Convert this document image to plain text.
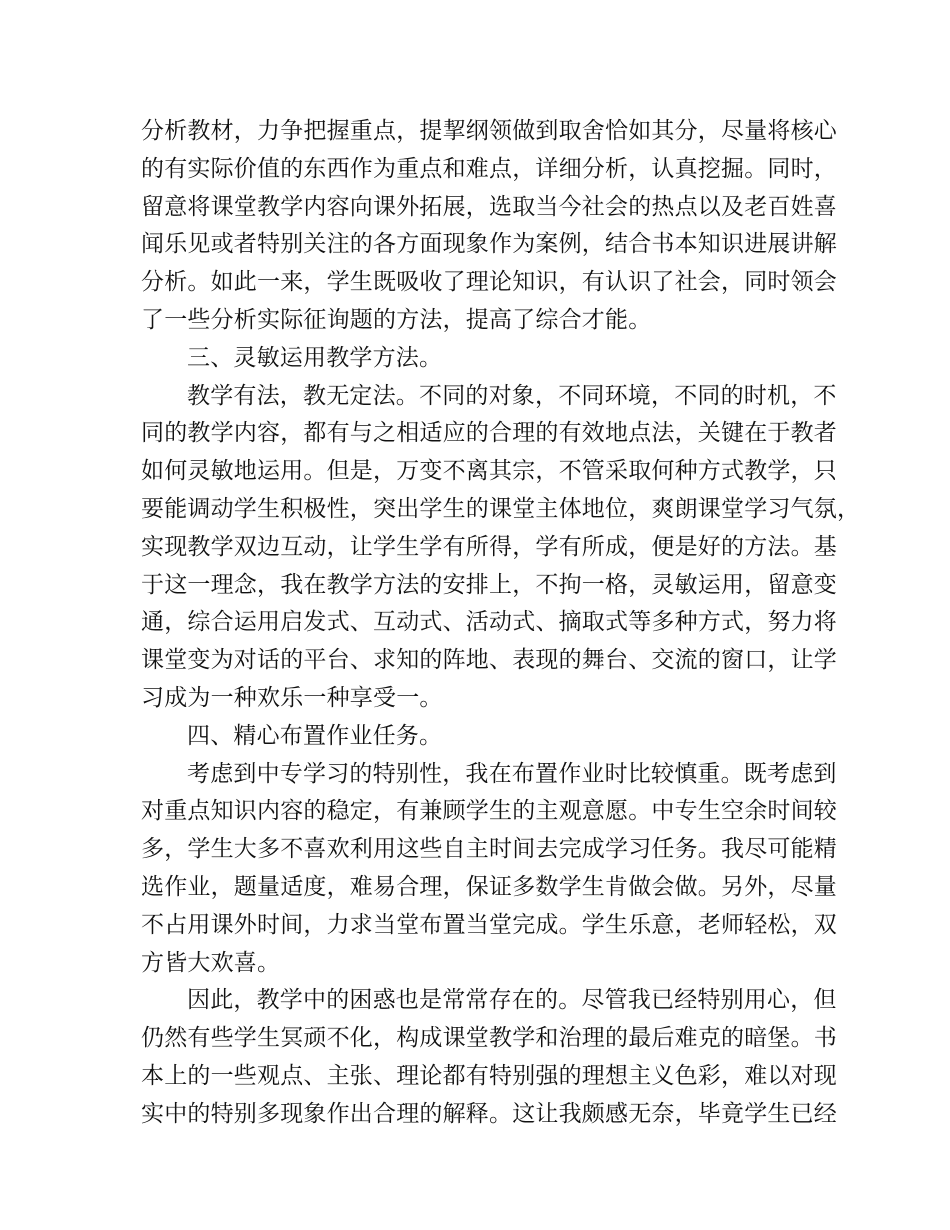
分析教材，力争把握重点，提挈纲领做到取舍恰如其分，尽量将核心
的有实际价值的东西作为重点和难点，详细分析，认真挖掘。同时，
留意将课堂教学内容向课外拓展，选取当今社会的热点以及老百姓喜
闻乐见或者特别关注的各方面现象作为案例，结合书本知识进展讲解
分析。如此一来，学生既吸收了理论知识，有认识了社会，同时领会
了一些分析实际征询题的方法，提高了综合才能。
三、灵敏运用教学方法。
教学有法，教无定法。不同的对象，不同环境，不同的时机，不
同的教学内容，都有与之相适应的合理的有效地点法，关键在于教者
如何灵敏地运用。但是，万变不离其宗，不管采取何种方式教学，只
要能调动学生积极性，突出学生的课堂主体地位，爽朗课堂学习气氛，
实现教学双边互动，让学生学有所得，学有所成，便是好的方法。基
于这一理念，我在教学方法的安排上，不拘一格，灵敏运用，留意变
通，综合运用启发式、互动式、活动式、摘取式等多种方式，努力将
课堂变为对话的平台、求知的阵地、表现的舞台、交流的窗口，让学
习成为一种欢乐一种享受一。
四、精心布置作业任务。
考虑到中专学习的特别性，我在布置作业时比较慎重。既考虑到
对重点知识内容的稳定，有兼顾学生的主观意愿。中专生空余时间较
多，学生大多不喜欢利用这些自主时间去完成学习任务。我尽可能精
选作业，题量适度，难易合理，保证多数学生肯做会做。另外，尽量
不占用课外时间，力求当堂布置当堂完成。学生乐意，老师轻松，双
方皆大欢喜。
因此，教学中的困惑也是常常存在的。尽管我已经特别用心，但
仍然有些学生冥顽不化，构成课堂教学和治理的最后难克的暗堡。书
本上的一些观点、主张、理论都有特别强的理想主义色彩，难以对现
实中的特别多现象作出合理的解释。这让我颇感无奈，毕竟学生已经
